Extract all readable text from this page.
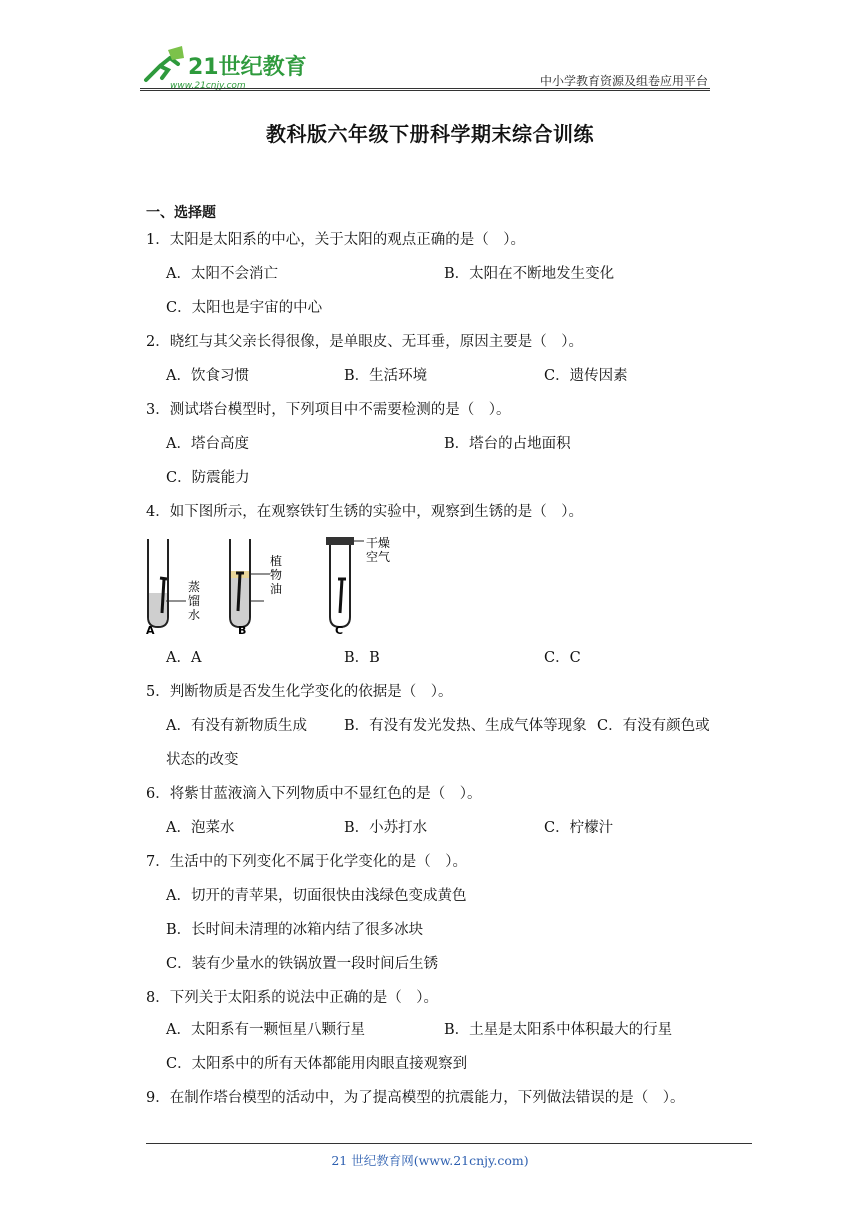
21世纪教育
www.21cnjy.com	中小学教育资源及组卷应用平台
教科版六年级下册科学期末综合训练
一、选择题
1．太阳是太阳系的中心，关于太阳的观点正确的是（　）。
A．太阳不会消亡	B．太阳在不断地发生变化
C．太阳也是宇宙的中心
2．晓红与其父亲长得很像，是单眼皮、无耳垂，原因主要是（　）。
A．饮食习惯	B．生活环境	C．遗传因素
3．测试塔台模型时，下列项目中不需要检测的是（　）。
A．塔台高度	B．塔台的占地面积
C．防震能力
4．如下图所示，在观察铁钉生锈的实验中，观察到生锈的是（　）。
蒸
馏
水
A
植
物
油
B
干燥
空气
C
A．A	B．B	C．C
5．判断物质是否发生化学变化的依据是（　）。
A．有没有新物质生成	B．有没有发光发热、生成气体等现象 C．有没有颜色或
状态的改变
6．将紫甘蓝液滴入下列物质中不显红色的是（　）。
A．泡菜水	B．小苏打水	C．柠檬汁
7．生活中的下列变化不属于化学变化的是（　）。
A．切开的青苹果，切面很快由浅绿色变成黄色
B．长时间未清理的冰箱内结了很多冰块
C．装有少量水的铁锅放置一段时间后生锈
8．下列关于太阳系的说法中正确的是（　）。
A．太阳系有一颗恒星八颗行星	B．土星是太阳系中体积最大的行星
C．太阳系中的所有天体都能用肉眼直接观察到
9．在制作塔台模型的活动中，为了提高模型的抗震能力，下列做法错误的是（　）。
21 世纪教育网(www.21cnjy.com)
